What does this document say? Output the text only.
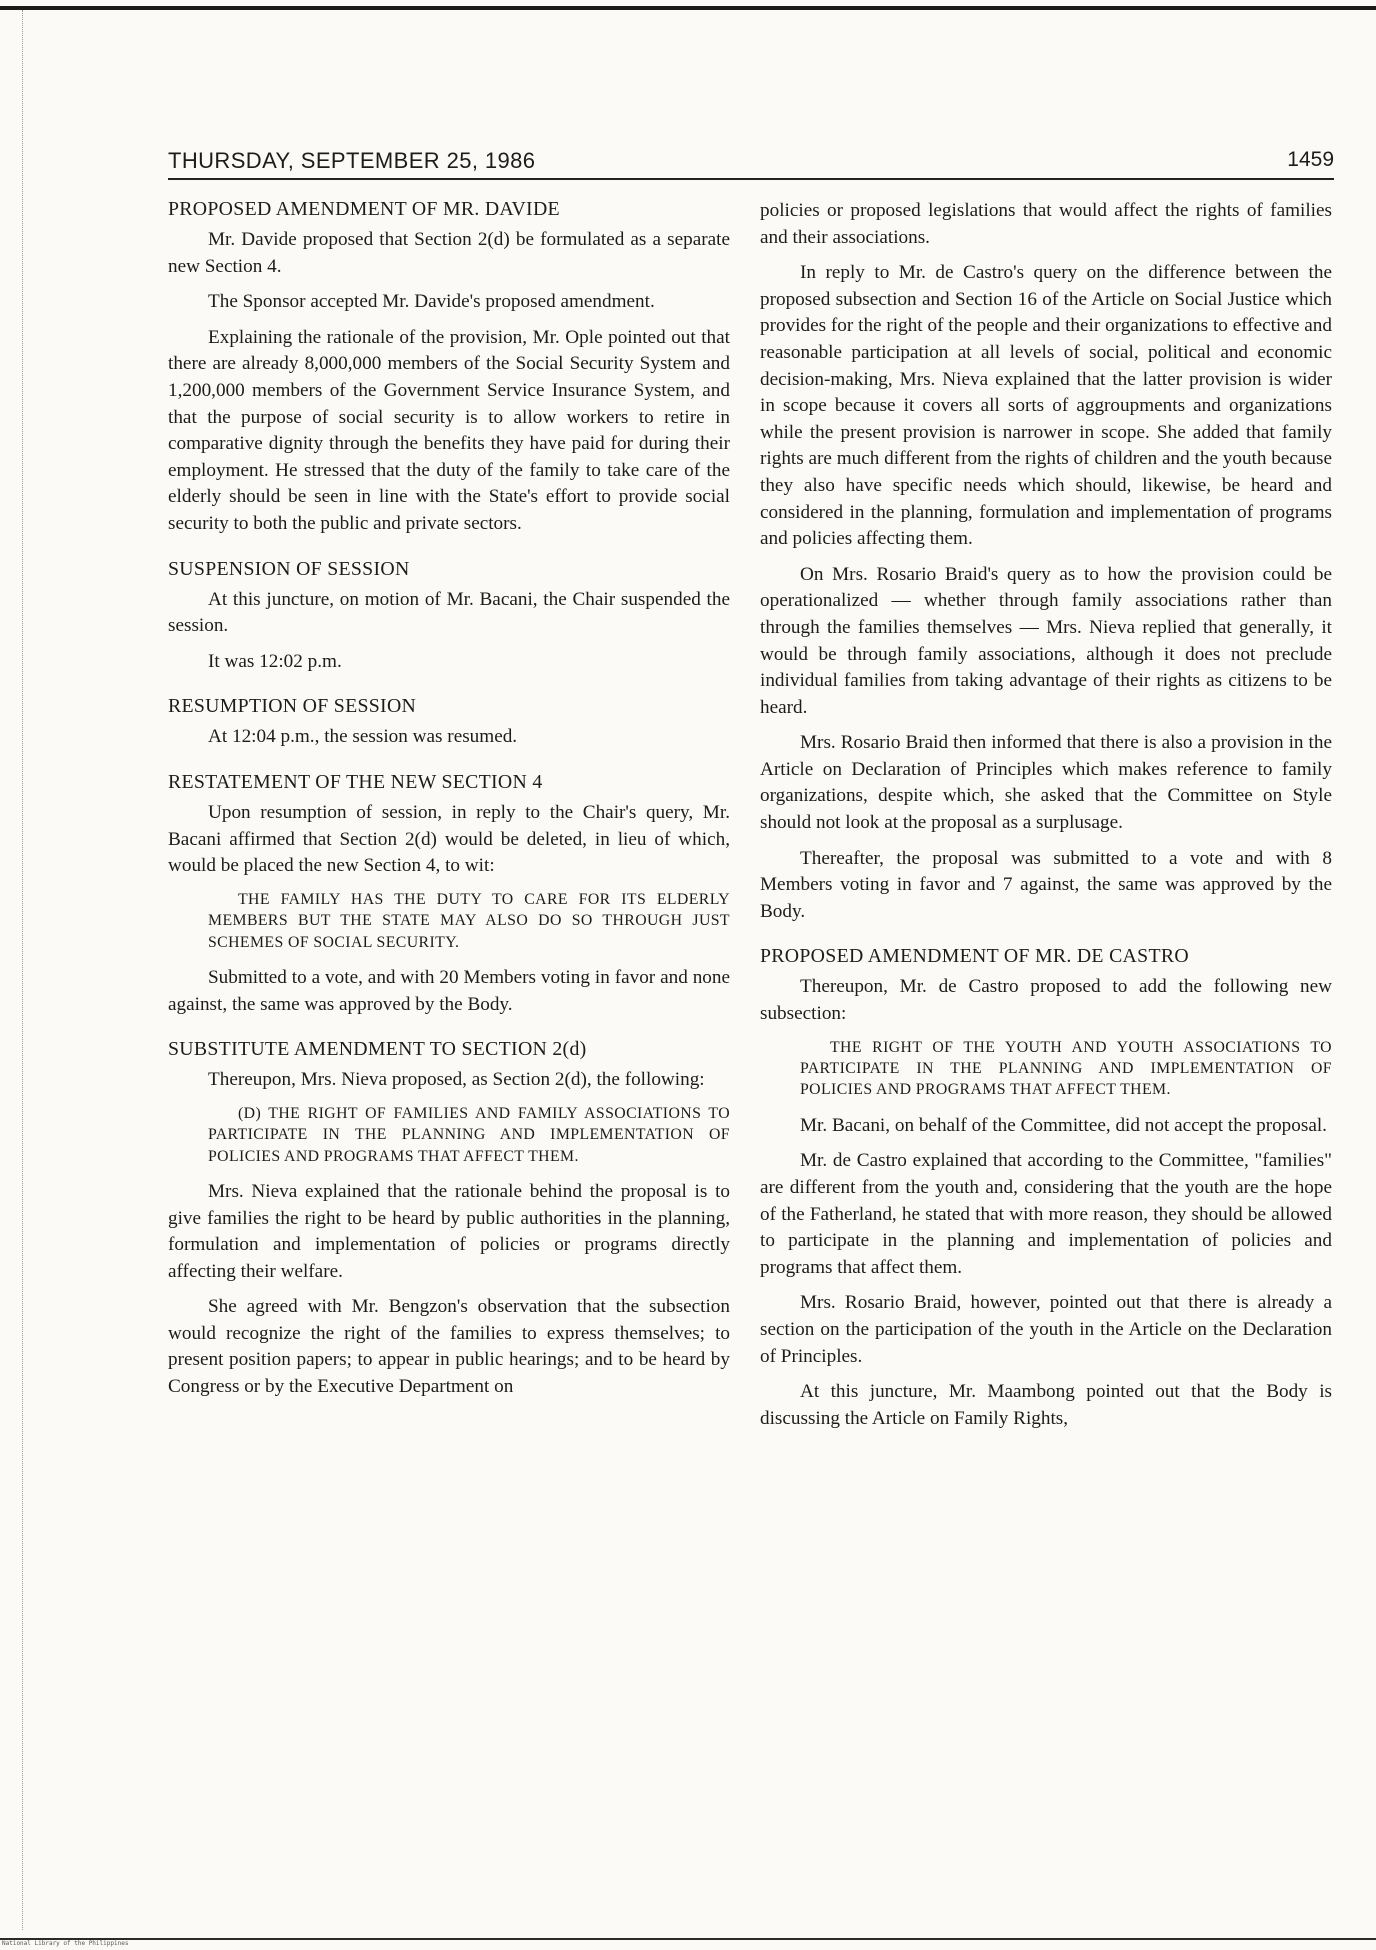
THURSDAY, SEPTEMBER 25, 1986	1459
PROPOSED AMENDMENT OF MR. DAVIDE

Mr. Davide proposed that Section 2(d) be formulated as a separate new Section 4.

The Sponsor accepted Mr. Davide's proposed amendment.

Explaining the rationale of the provision, Mr. Ople pointed out that there are already 8,000,000 members of the Social Security System and 1,200,000 members of the Government Service Insurance System, and that the purpose of social security is to allow workers to retire in comparative dignity through the benefits they have paid for during their employment. He stressed that the duty of the family to take care of the elderly should be seen in line with the State's effort to provide social security to both the public and private sectors.

SUSPENSION OF SESSION

At this juncture, on motion of Mr. Bacani, the Chair suspended the session.

It was 12:02 p.m.

RESUMPTION OF SESSION

At 12:04 p.m., the session was resumed.

RESTATEMENT OF THE NEW SECTION 4

Upon resumption of session, in reply to the Chair's query, Mr. Bacani affirmed that Section 2(d) would be deleted, in lieu of which, would be placed the new Section 4, to wit:

THE FAMILY HAS THE DUTY TO CARE FOR ITS ELDERLY MEMBERS BUT THE STATE MAY ALSO DO SO THROUGH JUST SCHEMES OF SOCIAL SECURITY.

Submitted to a vote, and with 20 Members voting in favor and none against, the same was approved by the Body.

SUBSTITUTE AMENDMENT TO SECTION 2(d)

Thereupon, Mrs. Nieva proposed, as Section 2(d), the following:

(D) THE RIGHT OF FAMILIES AND FAMILY ASSOCIATIONS TO PARTICIPATE IN THE PLANNING AND IMPLEMENTATION OF POLICIES AND PROGRAMS THAT AFFECT THEM.

Mrs. Nieva explained that the rationale behind the proposal is to give families the right to be heard by public authorities in the planning, formulation and implementation of policies or programs directly affecting their welfare.

She agreed with Mr. Bengzon's observation that the subsection would recognize the right of the families to express themselves; to present position papers; to appear in public hearings; and to be heard by Congress or by the Executive Department on

policies or proposed legislations that would affect the rights of families and their associations.

In reply to Mr. de Castro's query on the difference between the proposed subsection and Section 16 of the Article on Social Justice which provides for the right of the people and their organizations to effective and reasonable participation at all levels of social, political and economic decision-making, Mrs. Nieva explained that the latter provision is wider in scope because it covers all sorts of aggroupments and organizations while the present provision is narrower in scope. She added that family rights are much different from the rights of children and the youth because they also have specific needs which should, likewise, be heard and considered in the planning, formulation and implementation of programs and policies affecting them.

On Mrs. Rosario Braid's query as to how the provision could be operationalized — whether through family associations rather than through the families themselves — Mrs. Nieva replied that generally, it would be through family associations, although it does not preclude individual families from taking advantage of their rights as citizens to be heard.

Mrs. Rosario Braid then informed that there is also a provision in the Article on Declaration of Principles which makes reference to family organizations, despite which, she asked that the Committee on Style should not look at the proposal as a surplusage.

Thereafter, the proposal was submitted to a vote and with 8 Members voting in favor and 7 against, the same was approved by the Body.

PROPOSED AMENDMENT OF MR. DE CASTRO

Thereupon, Mr. de Castro proposed to add the following new subsection:

THE RIGHT OF THE YOUTH AND YOUTH ASSOCIATIONS TO PARTICIPATE IN THE PLANNING AND IMPLEMENTATION OF POLICIES AND PROGRAMS THAT AFFECT THEM.

Mr. Bacani, on behalf of the Committee, did not accept the proposal.

Mr. de Castro explained that according to the Committee, "families" are different from the youth and, considering that the youth are the hope of the Fatherland, he stated that with more reason, they should be allowed to participate in the planning and implementation of policies and programs that affect them.

Mrs. Rosario Braid, however, pointed out that there is already a section on the participation of the youth in the Article on the Declaration of Principles.

At this juncture, Mr. Maambong pointed out that the Body is discussing the Article on Family Rights,

National Library of the Philippines
